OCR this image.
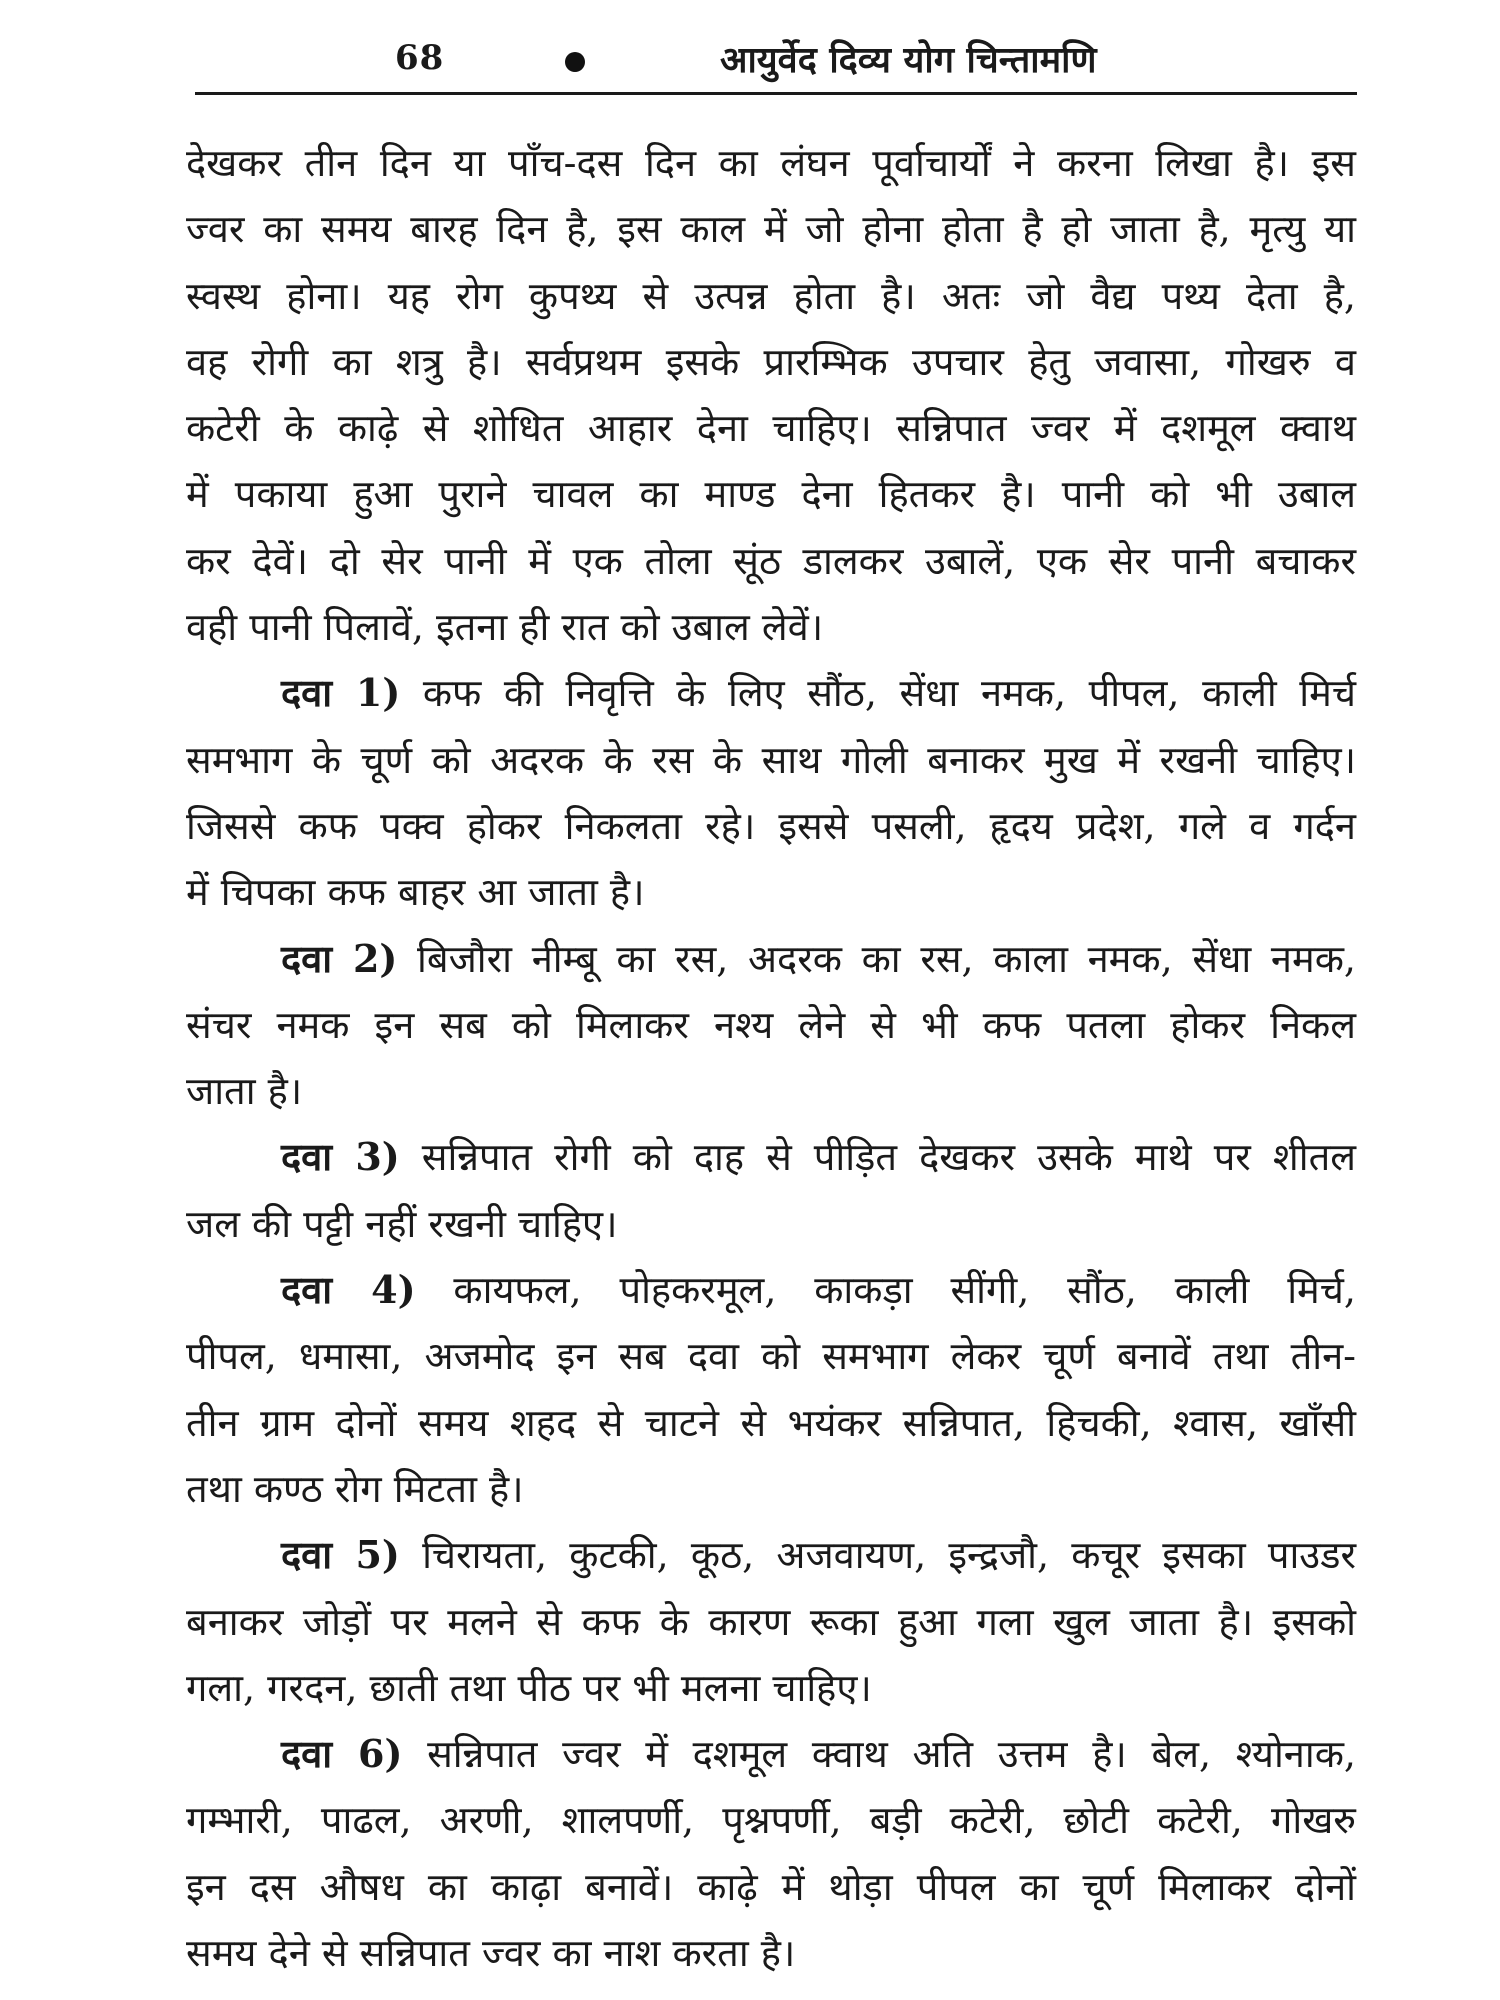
68	आयुर्वेद दिव्य योग चिन्तामणि
देखकर तीन दिन या पाँच-दस दिन का लंघन पूर्वाचार्यों ने करना लिखा है। इस
ज्वर का समय बारह दिन है, इस काल में जो होना होता है हो जाता है, मृत्यु या
स्वस्थ होना। यह रोग कुपथ्य से उत्पन्न होता है। अतः जो वैद्य पथ्य देता है,
वह रोगी का शत्रु है। सर्वप्रथम इसके प्रारम्भिक उपचार हेतु जवासा, गोखरु व
कटेरी के काढ़े से शोधित आहार देना चाहिए। सन्निपात ज्वर में दशमूल क्वाथ
में पकाया हुआ पुराने चावल का माण्ड देना हितकर है। पानी को भी उबाल
कर देवें। दो सेर पानी में एक तोला सूंठ डालकर उबालें, एक सेर पानी बचाकर
वही पानी पिलावें, इतना ही रात को उबाल लेवें।
दवा 1) कफ की निवृत्ति के लिए सौंठ, सेंधा नमक, पीपल, काली मिर्च
समभाग के चूर्ण को अदरक के रस के साथ गोली बनाकर मुख में रखनी चाहिए।
जिससे कफ पक्व होकर निकलता रहे। इससे पसली, हृदय प्रदेश, गले व गर्दन
में चिपका कफ बाहर आ जाता है।
दवा 2) बिजौरा नीम्बू का रस, अदरक का रस, काला नमक, सेंधा नमक,
संचर नमक इन सब को मिलाकर नश्य लेने से भी कफ पतला होकर निकल
जाता है।
दवा 3) सन्निपात रोगी को दाह से पीड़ित देखकर उसके माथे पर शीतल
जल की पट्टी नहीं रखनी चाहिए।
दवा 4) कायफल, पोहकरमूल, काकड़ा सींगी, सौंठ, काली मिर्च,
पीपल, धमासा, अजमोद इन सब दवा को समभाग लेकर चूर्ण बनावें तथा तीन-
तीन ग्राम दोनों समय शहद से चाटने से भयंकर सन्निपात, हिचकी, श्वास, खाँसी
तथा कण्ठ रोग मिटता है।
दवा 5) चिरायता, कुटकी, कूठ, अजवायण, इन्द्रजौ, कचूर इसका पाउडर
बनाकर जोड़ों पर मलने से कफ के कारण रूका हुआ गला खुल जाता है। इसको
गला, गरदन, छाती तथा पीठ पर भी मलना चाहिए।
दवा 6) सन्निपात ज्वर में दशमूल क्वाथ अति उत्तम है। बेल, श्योनाक,
गम्भारी, पाढल, अरणी, शालपर्णी, पृश्नपर्णी, बड़ी कटेरी, छोटी कटेरी, गोखरु
इन दस औषध का काढ़ा बनावें। काढ़े में थोड़ा पीपल का चूर्ण मिलाकर दोनों
समय देने से सन्निपात ज्वर का नाश करता है।
